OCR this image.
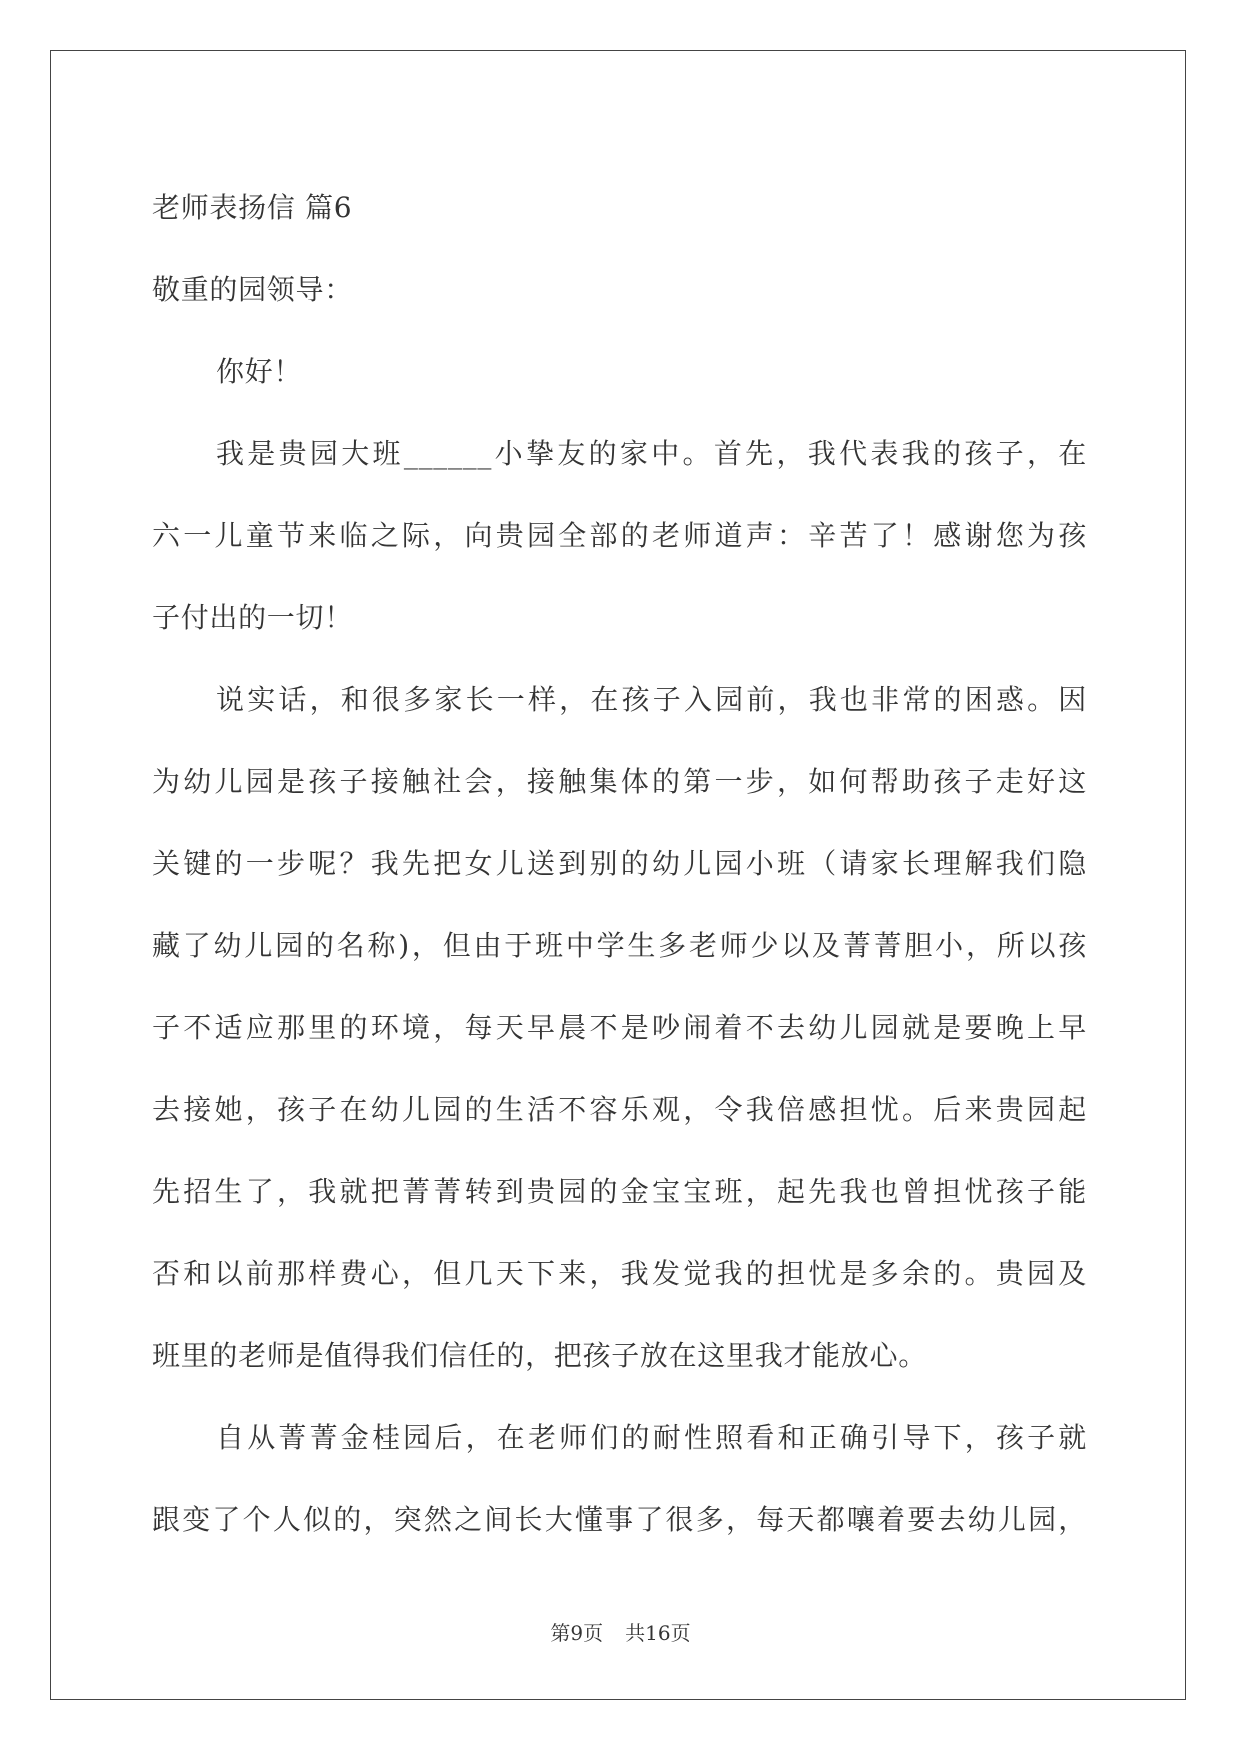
老师表扬信 篇6
敬重的园领导：
你好！
我是贵园大班______小挚友的家中。首先，我代表我的孩子，在
六一儿童节来临之际，向贵园全部的老师道声：辛苦了！感谢您为孩
子付出的一切！
说实话，和很多家长一样，在孩子入园前，我也非常的困惑。因
为幼儿园是孩子接触社会，接触集体的第一步，如何帮助孩子走好这
关键的一步呢？我先把女儿送到别的幼儿园小班（请家长理解我们隐
藏了幼儿园的名称)，但由于班中学生多老师少以及菁菁胆小，所以孩
子不适应那里的环境，每天早晨不是吵闹着不去幼儿园就是要晚上早
去接她，孩子在幼儿园的生活不容乐观，令我倍感担忧。后来贵园起
先招生了，我就把菁菁转到贵园的金宝宝班，起先我也曾担忧孩子能
否和以前那样费心，但几天下来，我发觉我的担忧是多余的。贵园及
班里的老师是值得我们信任的，把孩子放在这里我才能放心。
自从菁菁金桂园后，在老师们的耐性照看和正确引导下，孩子就
跟变了个人似的，突然之间长大懂事了很多，每天都嚷着要去幼儿园，
第9页 共16页
